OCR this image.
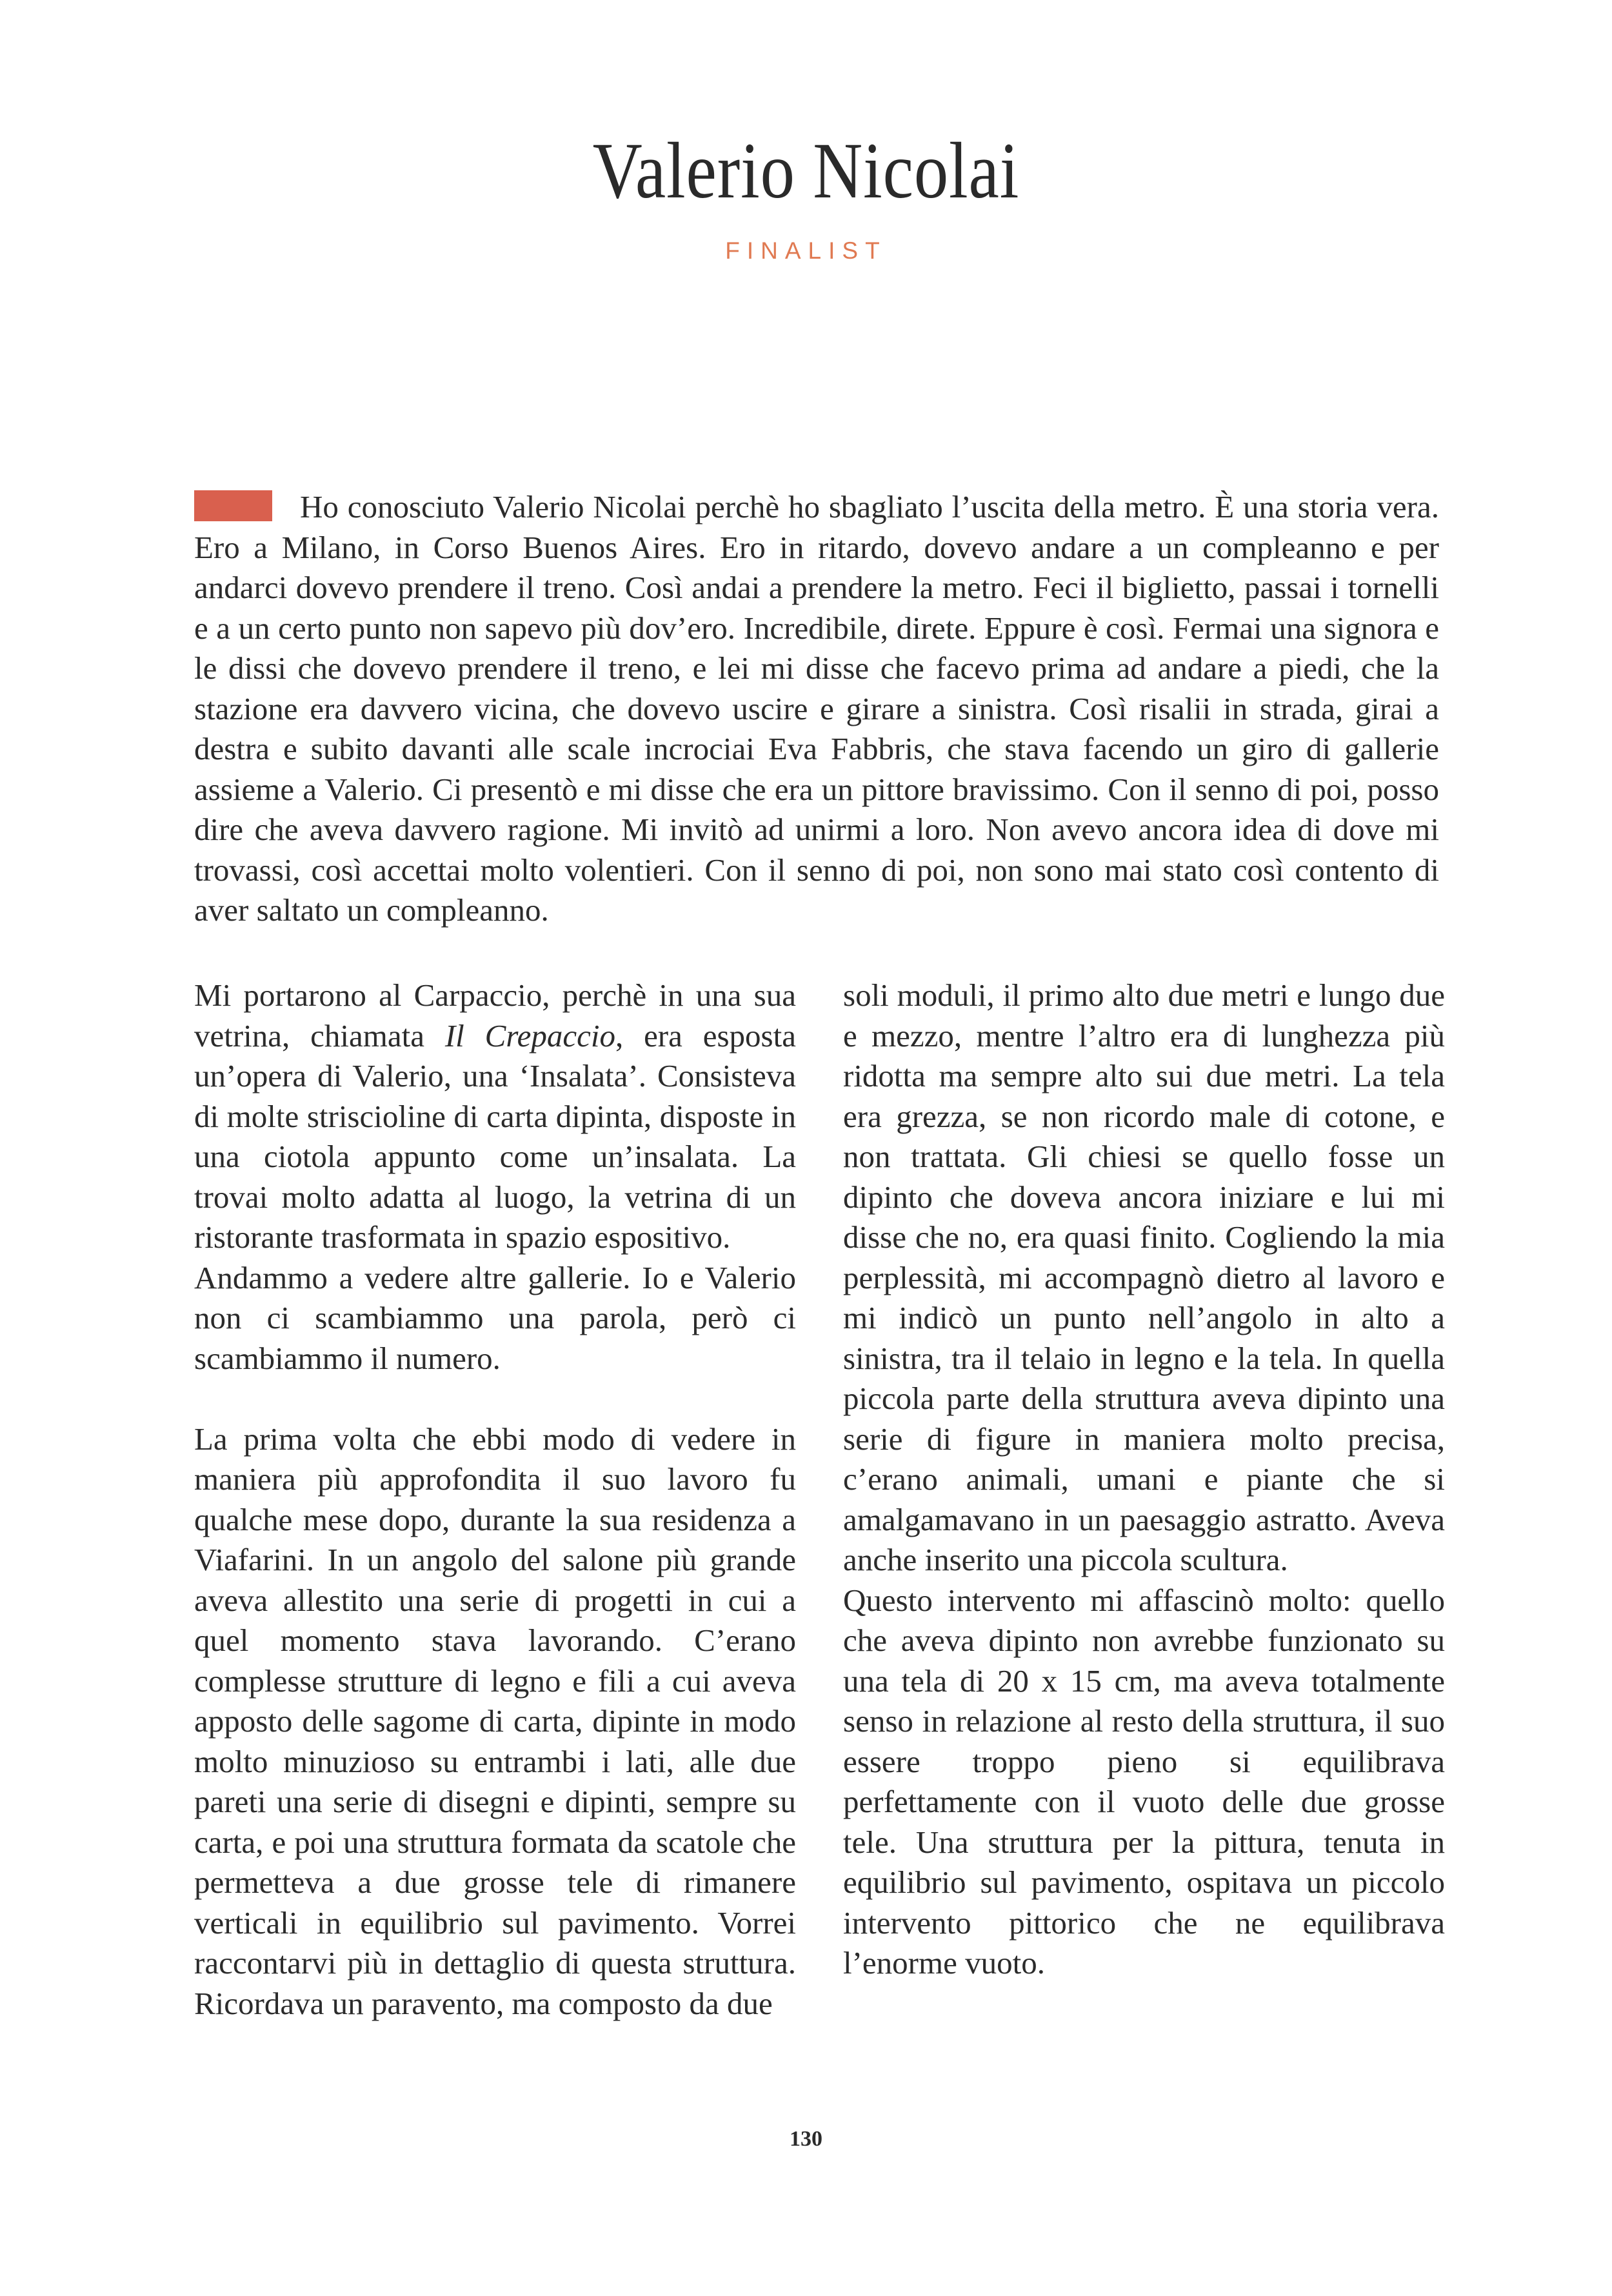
Valerio Nicolai
FINALIST

Ho conosciuto Valerio Nicolai perchè ho sbagliato l’uscita della metro. È una storia vera. Ero a Milano, in Corso Buenos Aires. Ero in ritardo, dovevo andare a un compleanno e per andarci dovevo prendere il treno. Così andai a prendere la metro. Feci il biglietto, passai i tornelli e a un certo punto non sapevo più dov’ero. Incredibile, direte. Eppure è così. Fermai una signora e le dissi che dovevo prendere il treno, e lei mi disse che facevo prima ad andare a piedi, che la stazione era davvero vicina, che dovevo uscire e girare a sinistra. Così risalii in strada, girai a destra e subito davanti alle scale incrociai Eva Fabbris, che stava facendo un giro di gallerie assieme a Valerio. Ci presentò e mi disse che era un pittore bravissimo. Con il senno di poi, posso dire che aveva davvero ragione. Mi invitò ad unirmi a loro. Non avevo ancora idea di dove mi trovassi, così accettai molto volentieri. Con il senno di poi, non sono mai stato così contento di aver saltato un compleanno.

Mi portarono al Carpaccio, perchè in una sua vetrina, chiamata Il Crepaccio, era esposta un’opera di Valerio, una ‘Insalata’. Consisteva di molte striscioline di carta dipinta, disposte in una ciotola appunto come un’insalata. La trovai molto adatta al luogo, la vetrina di un ristorante trasformata in spazio espositivo.

Andammo a vedere altre gallerie. Io e Valerio non ci scambiammo una parola, però ci scambiammo il numero.

La prima volta che ebbi modo di vedere in maniera più approfondita il suo lavoro fu qualche mese dopo, durante la sua residenza a Viafarini. In un angolo del salone più grande aveva allestito una serie di progetti in cui a quel momento stava lavorando. C’erano complesse strutture di legno e fili a cui aveva apposto delle sagome di carta, dipinte in modo molto minuzioso su entrambi i lati, alle due pareti una serie di disegni e dipinti, sempre su carta, e poi una struttura formata da scatole che permetteva a due grosse tele di rimanere verticali in equilibrio sul pavimento. Vorrei raccontarvi più in dettaglio di questa struttura. Ricordava un paravento, ma composto da due

soli moduli, il primo alto due metri e lungo due e mezzo, mentre l’altro era di lunghezza più ridotta ma sempre alto sui due metri. La tela era grezza, se non ricordo male di cotone, e non trattata. Gli chiesi se quello fosse un dipinto che doveva ancora iniziare e lui mi disse che no, era quasi finito. Cogliendo la mia perplessità, mi accompagnò dietro al lavoro e mi indicò un punto nell’angolo in alto a sinistra, tra il telaio in legno e la tela. In quella piccola parte della struttura aveva dipinto una serie di figure in maniera molto precisa, c’erano animali, umani e piante che si amalgamavano in un paesaggio astratto. Aveva anche inserito una piccola scultura.

Questo intervento mi affascinò molto: quello che aveva dipinto non avrebbe funzionato su una tela di 20 x 15 cm, ma aveva totalmente senso in relazione al resto della struttura, il suo essere troppo pieno si equilibrava perfettamente con il vuoto delle due grosse tele. Una struttura per la pittura, tenuta in equilibrio sul pavimento, ospitava un piccolo intervento pittorico che ne equilibrava l’enorme vuoto.

130
